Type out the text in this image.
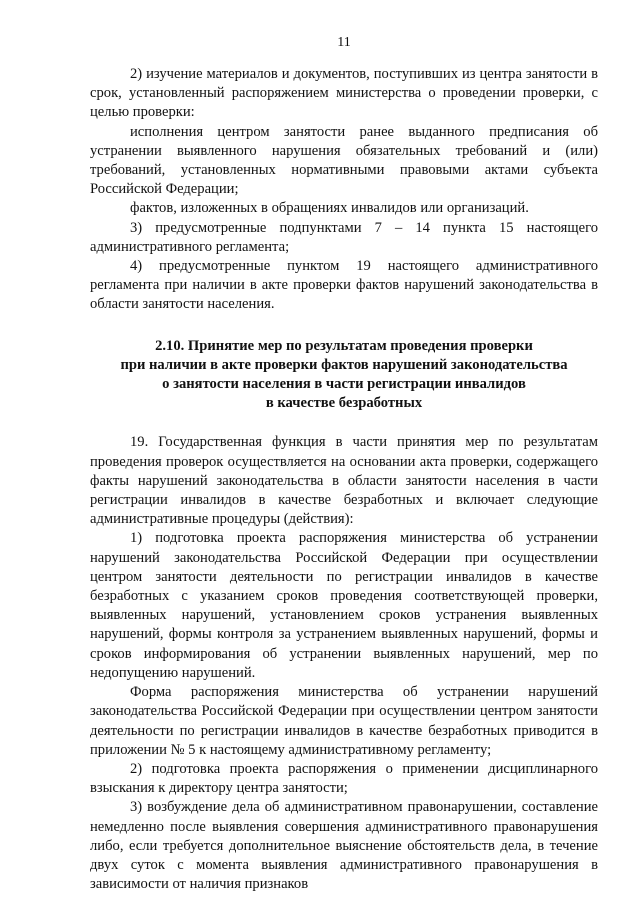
11

2) изучение материалов и документов, поступивших из центра занятости в срок, установленный распоряжением министерства о проведении проверки, с целью проверки:

исполнения центром занятости ранее выданного предписания об устранении выявленного нарушения обязательных требований и (или) требований, установленных нормативными правовыми актами субъекта Российской Федерации;

фактов, изложенных в обращениях инвалидов или организаций.

3) предусмотренные подпунктами 7 – 14 пункта 15 настоящего административного регламента;

4) предусмотренные пунктом 19 настоящего административного регламента при наличии в акте проверки фактов нарушений законодательства в области занятости населения.

2.10. Принятие мер по результатам проведения проверки
при наличии в акте проверки фактов нарушений законодательства
о занятости населения в части регистрации инвалидов
в качестве безработных

19. Государственная функция в части принятия мер по результатам проведения проверок осуществляется на основании акта проверки, содержащего факты нарушений законодательства в области занятости населения в части регистрации инвалидов в качестве безработных и включает следующие административные процедуры (действия):

1) подготовка проекта распоряжения министерства об устранении нарушений законодательства Российской Федерации при осуществлении центром занятости деятельности по регистрации инвалидов в качестве безработных с указанием сроков проведения соответствующей проверки, выявленных нарушений, установлением сроков устранения выявленных нарушений, формы контроля за устранением выявленных нарушений, формы и сроков информирования об устранении выявленных нарушений, мер по недопущению нарушений.

Форма распоряжения министерства об устранении нарушений законодательства Российской Федерации при осуществлении центром занятости деятельности по регистрации инвалидов в качестве безработных приводится в приложении № 5 к настоящему административному регламенту;

2) подготовка проекта распоряжения о применении дисциплинарного взыскания к директору центра занятости;

3) возбуждение дела об административном правонарушении, составление немедленно после выявления совершения административного правонарушения либо, если требуется дополнительное выяснение обстоятельств дела, в течение двух суток с момента выявления административного правонарушения в зависимости от наличия признаков
